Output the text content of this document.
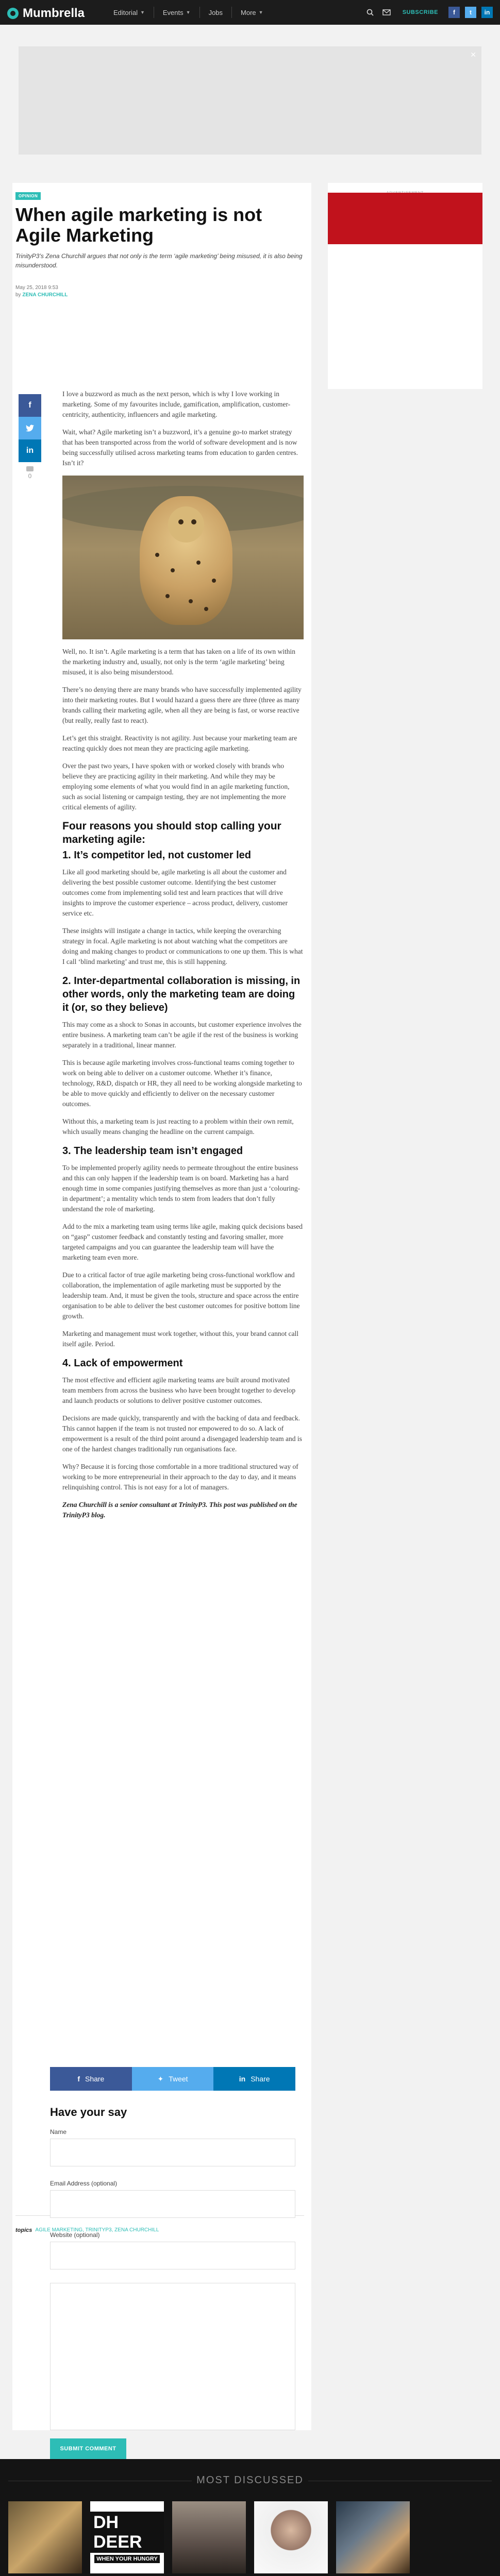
Mumbrella	Editorial ▼	Events ▼	Jobs	More ▼	SUBSCRIBE	f	t	in
✕
OPINION
When agile marketing is not Agile Marketing

TrinityP3’s Zena Churchill argues that not only is the term ‘agile marketing’ being misused, it is also being misunderstood.

May 25, 2018 9:53
by ZENA CHURCHILL
f
in
0

I love a buzzword as much as the next person, which is why I love working in marketing. Some of my favourites include, gamification, amplification, customer-centricity, authenticity, influencers and agile marketing.

Wait, what? Agile marketing isn’t a buzzword, it’s a genuine go-to market strategy that has been transported across from the world of software development and is now being successfully utilised across marketing teams from education to garden centres. Isn’t it?

Well, no. It isn’t. Agile marketing is a term that has taken on a life of its own within the marketing industry and, usually, not only is the term ‘agile marketing’ being misused, it is also being misunderstood.

There’s no denying there are many brands who have successfully implemented agility into their marketing routes. But I would hazard a guess there are three (three as many brands calling their marketing agile, when all they are being is fast, or worse reactive (but really, really fast to react).

Let’s get this straight. Reactivity is not agility. Just because your marketing team are reacting quickly does not mean they are practicing agile marketing.

Over the past two years, I have spoken with or worked closely with brands who believe they are practicing agility in their marketing. And while they may be employing some elements of what you would find in an agile marketing function, such as social listening or campaign testing, they are not implementing the more critical elements of agility.

Four reasons you should stop calling your marketing agile:
1. It’s competitor led, not customer led

Like all good marketing should be, agile marketing is all about the customer and delivering the best possible customer outcome. Identifying the best customer outcomes come from implementing solid test and learn practices that will drive insights to improve the customer experience – across product, delivery, customer service etc.

These insights will instigate a change in tactics, while keeping the overarching strategy in focal. Agile marketing is not about watching what the competitors are doing and making changes to product or communications to one up them. This is what I call ‘blind marketing’ and trust me, this is still happening.

2. Inter-departmental collaboration is missing, in other words, only the marketing team are doing it (or, so they believe)

This may come as a shock to Sonas in accounts, but customer experience involves the entire business. A marketing team can’t be agile if the rest of the business is working separately in a traditional, linear manner.

This is because agile marketing involves cross-functional teams coming together to work on being able to deliver on a customer outcome. Whether it’s finance, technology, R&D, dispatch or HR, they all need to be working alongside marketing to be able to move quickly and efficiently to deliver on the necessary customer outcomes.

Without this, a marketing team is just reacting to a problem within their own remit, which usually means changing the headline on the current campaign.

3. The leadership team isn’t engaged

To be implemented properly agility needs to permeate throughout the entire business and this can only happen if the leadership team is on board. Marketing has a hard enough time in some companies justifying themselves as more than just a ‘colouring-in department’; a mentality which tends to stem from leaders that don’t fully understand the role of marketing.

Add to the mix a marketing team using terms like agile, making quick decisions based on “gasp” customer feedback and constantly testing and favoring smaller, more targeted campaigns and you can guarantee the leadership team will have the marketing team even more.

Due to a critical factor of true agile marketing being cross-functional workflow and collaboration, the implementation of agile marketing must be supported by the leadership team. And, it must be given the tools, structure and space across the entire organisation to be able to deliver the best customer outcomes for positive bottom line growth.

Marketing and management must work together, without this, your brand cannot call itself agile. Period.

4. Lack of empowerment

The most effective and efficient agile marketing teams are built around motivated team members from across the business who have been brought together to develop and launch products or solutions to deliver positive customer outcomes.

Decisions are made quickly, transparently and with the backing of data and feedback. This cannot happen if the team is not trusted nor empowered to do so. A lack of empowerment is a result of the third point around a disengaged leadership team and is one of the hardest changes traditionally run organisations face.

Why? Because it is forcing those comfortable in a more traditional structured way of working to be more entrepreneurial in their approach to the day to day, and it means relinquishing control. This is not easy for a lot of managers.

Zena Churchill is a senior consultant at TrinityP3. This post was published on the TrinityP3 blog.

topics AGILE MARKETING, TRINITYP3, ZENA CHURCHILL
f Share	✦ Tweet	in Share
Have your say
Name
Email Address (optional)
Website (optional)
SUBMIT COMMENT
MOST DISCUSSED
DH DEER
WHEN YOUR HUNGRY
